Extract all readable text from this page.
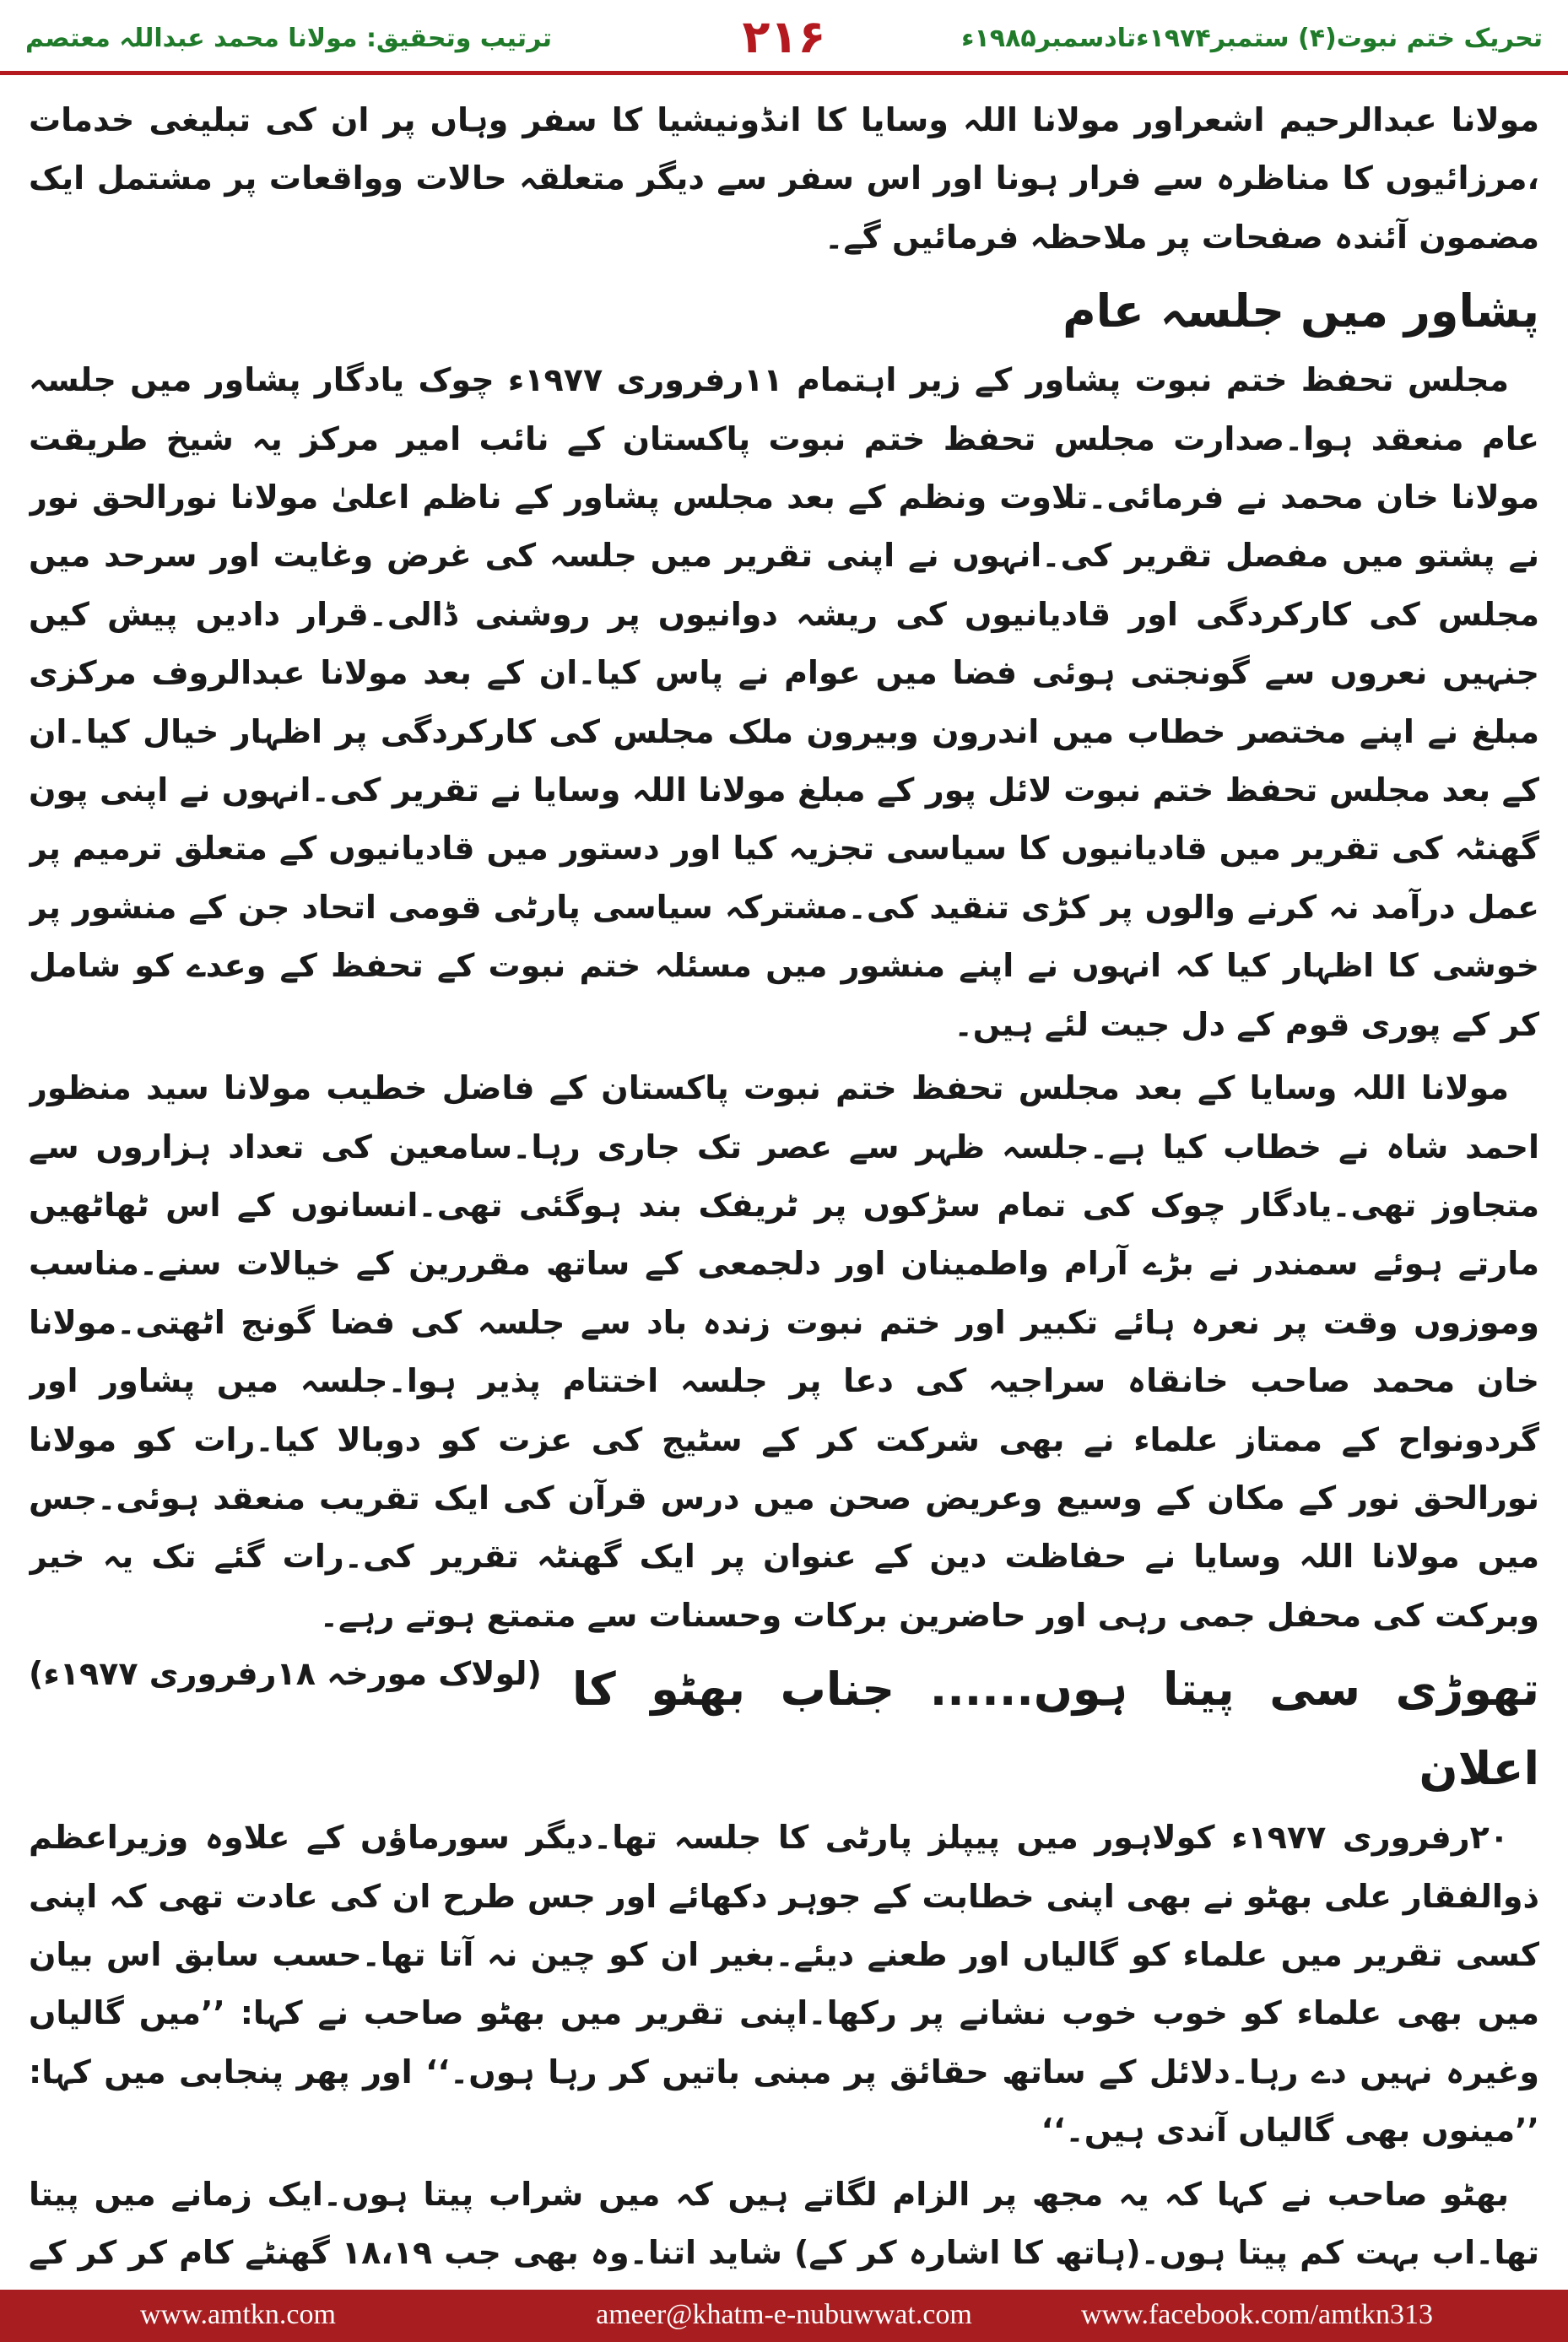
تحریک ختم نبوت(۴) ستمبر۱۹۷۴ءتادسمبر۱۹۸۵ء
۲۱۶
ترتیب وتحقیق: مولانا محمد عبداللہ معتصم

مولانا عبدالرحیم اشعراور مولانا اللہ وسایا کا انڈونیشیا کا سفر وہاں پر ان کی تبلیغی خدمات ،مرزائیوں کا مناظرہ سے فرار ہونا اور اس سفر سے دیگر متعلقہ حالات وواقعات پر مشتمل ایک مضمون آئندہ صفحات پر ملاحظہ فرمائیں گے۔

پشاور میں جلسہ عام

مجلس تحفظ ختم نبوت پشاور کے زیر اہتمام ۱۱رفروری ۱۹۷۷ء چوک یادگار پشاور میں جلسہ عام منعقد ہوا۔صدارت مجلس تحفظ ختم نبوت پاکستان کے نائب امیر مرکز یہ شیخ طریقت مولانا خان محمد نے فرمائی۔تلاوت ونظم کے بعد مجلس پشاور کے ناظم اعلیٰ مولانا نورالحق نور نے پشتو میں مفصل تقریر کی۔انہوں نے اپنی تقریر میں جلسہ کی غرض وغایت اور سرحد میں مجلس کی کارکردگی اور قادیانیوں کی ریشہ دوانیوں پر روشنی ڈالی۔قرار دادیں پیش کیں جنہیں نعروں سے گونجتی ہوئی فضا میں عوام نے پاس کیا۔ان کے بعد مولانا عبدالروف مرکزی مبلغ نے اپنے مختصر خطاب میں اندرون وبیرون ملک مجلس کی کارکردگی پر اظہار خیال کیا۔ان کے بعد مجلس تحفظ ختم نبوت لائل پور کے مبلغ مولانا اللہ وسایا نے تقریر کی۔انہوں نے اپنی پون گھنٹہ کی تقریر میں قادیانیوں کا سیاسی تجزیہ کیا اور دستور میں قادیانیوں کے متعلق ترمیم پر عمل درآمد نہ کرنے والوں پر کڑی تنقید کی۔مشترکہ سیاسی پارٹی قومی اتحاد جن کے منشور پر خوشی کا اظہار کیا کہ انہوں نے اپنے منشور میں مسئلہ ختم نبوت کے تحفظ کے وعدے کو شامل کر کے پوری قوم کے دل جیت لئے ہیں۔

مولانا اللہ وسایا کے بعد مجلس تحفظ ختم نبوت پاکستان کے فاضل خطیب مولانا سید منظور احمد شاہ نے خطاب کیا ہے۔جلسہ ظہر سے عصر تک جاری رہا۔سامعین کی تعداد ہزاروں سے متجاوز تھی۔یادگار چوک کی تمام سڑکوں پر ٹریفک بند ہوگئی تھی۔انسانوں کے اس ٹھاٹھیں مارتے ہوئے سمندر نے بڑے آرام واطمینان اور دلجمعی کے ساتھ مقررین کے خیالات سنے۔مناسب وموزوں وقت پر نعرہ ہائے تکبیر اور ختم نبوت زندہ باد سے جلسہ کی فضا گونج اٹھتی۔مولانا خان محمد صاحب خانقاہ سراجیہ کی دعا پر جلسہ اختتام پذیر ہوا۔جلسہ میں پشاور اور گردونواح کے ممتاز علماء نے بھی شرکت کر کے سٹیج کی عزت کو دوبالا کیا۔رات کو مولانا نورالحق نور کے مکان کے وسیع وعریض صحن میں درس قرآن کی ایک تقریب منعقد ہوئی۔جس میں مولانا اللہ وسایا نے حفاظت دین کے عنوان پر ایک گھنٹہ تقریر کی۔رات گئے تک یہ خیر وبرکت کی محفل جمی رہی اور حاضرین برکات وحسنات سے متمتع ہوتے رہے۔
(لولاک مورخہ ۱۸رفروری ۱۹۷۷ء) تھوڑی سی پیتا ہوں...... جناب بھٹو کا اعلان

۲۰رفروری ۱۹۷۷ء کولاہور میں پیپلز پارٹی کا جلسہ تھا۔دیگر سورماؤں کے علاوہ وزیراعظم ذوالفقار علی بھٹو نے بھی اپنی خطابت کے جوہر دکھائے اور جس طرح ان کی عادت تھی کہ اپنی کسی تقریر میں علماء کو گالیاں اور طعنے دیئے۔بغیر ان کو چین نہ آتا تھا۔حسب سابق اس بیان میں بھی علماء کو خوب خوب نشانے پر رکھا۔اپنی تقریر میں بھٹو صاحب نے کہا: ’’میں گالیاں وغیرہ نہیں دے رہا۔دلائل کے ساتھ حقائق پر مبنی باتیں کر رہا ہوں۔‘‘ اور پھر پنجابی میں کہا: ’’مینوں بھی گالیاں آندی ہیں۔‘‘

بھٹو صاحب نے کہا کہ یہ مجھ پر الزام لگاتے ہیں کہ میں شراب پیتا ہوں۔ایک زمانے میں پیتا تھا۔اب بہت کم پیتا ہوں۔(ہاتھ کا اشارہ کر کے) شاید اتنا۔وہ بھی جب ۱۸،۱۹ گھنٹے کام کر کر کے

www.amtkn.com	ameer@khatm-e-nubuwwat.com	www.facebook.com/amtkn313
